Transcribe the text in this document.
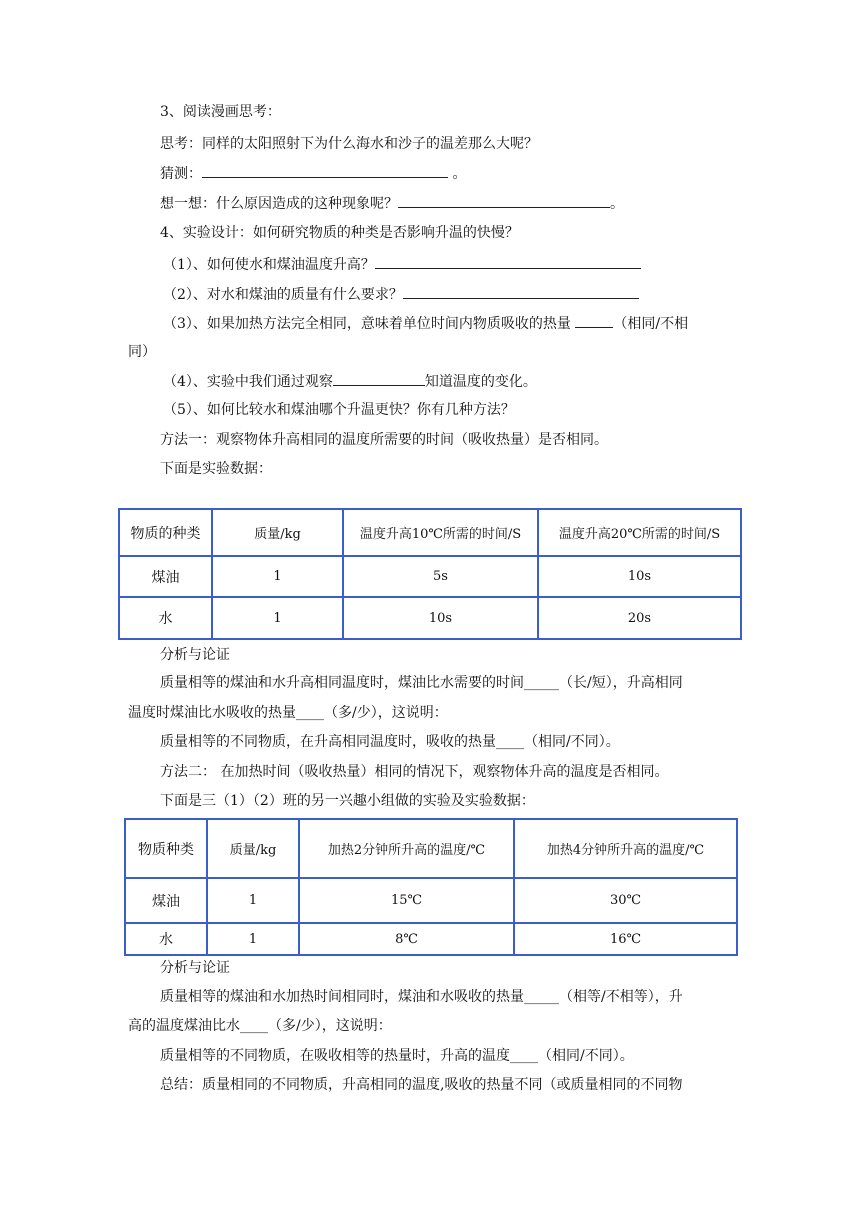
3、阅读漫画思考：
思考：同样的太阳照射下为什么海水和沙子的温差那么大呢？
猜测：	。
想一想：什么原因造成的这种现象呢？	。
4、实验设计：如何研究物质的种类是否影响升温的快慢？
（1）、如何使水和煤油温度升高？
（2）、对水和煤油的质量有什么要求？
（3）、如果加热方法完全相同，意味着单位时间内物质吸收的热量	（相同/不相
同）
（4）、实验中我们通过观察	知道温度的变化。
（5）、如何比较水和煤油哪个升温更快？你有几种方法？
方法一：观察物体升高相同的温度所需要的时间（吸收热量）是否相同。
下面是实验数据：
物质的种类	质量/kg	温度升高10℃所需的时间/S	温度升高20℃所需的时间/S
煤油	1	5s	10s
水	1	10s	20s
分析与论证
质量相等的煤油和水升高相同温度时，煤油比水需要的时间_____（长/短），升高相同
温度时煤油比水吸收的热量____（多/少），这说明：
质量相等的不同物质，在升高相同温度时，吸收的热量____（相同/不同）。
方法二： 在加热时间（吸收热量）相同的情况下，观察物体升高的温度是否相同。
下面是三（1）（2）班的另一兴趣小组做的实验及实验数据：
物质种类	质量/kg	加热2分钟所升高的温度/℃	加热4分钟所升高的温度/℃
煤油	1	15℃	30℃
水	1	8℃	16℃
分析与论证
质量相等的煤油和水加热时间相同时，煤油和水吸收的热量_____（相等/不相等），升
高的温度煤油比水____（多/少），这说明：
质量相等的不同物质，在吸收相等的热量时，升高的温度____（相同/不同）。
总结：质量相同的不同物质，升高相同的温度,吸收的热量不同（或质量相同的不同物
